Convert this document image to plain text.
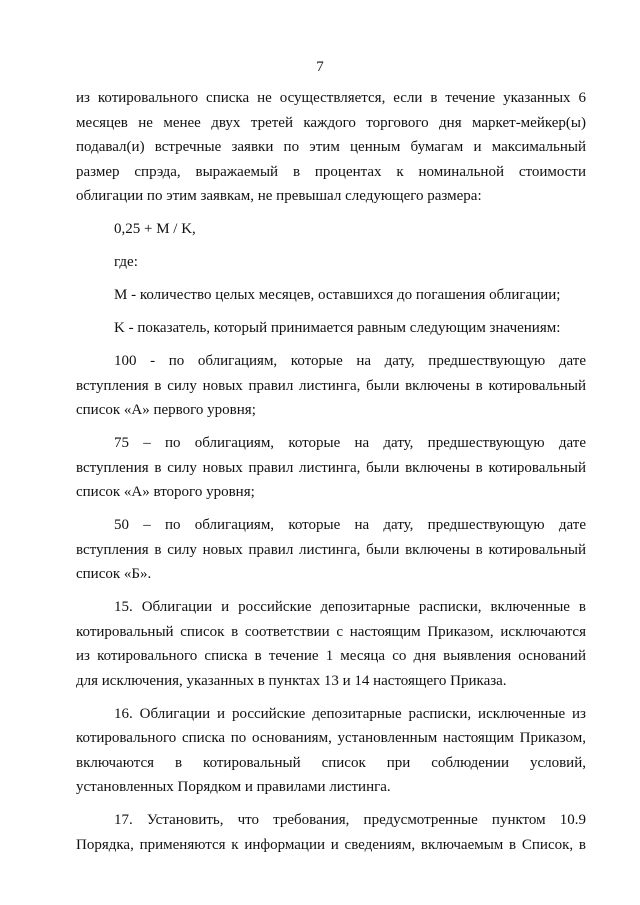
7
из котировального списка не осуществляется, если в течение указанных 6
месяцев не менее двух третей каждого торгового дня маркет-мейкер(ы)
подавал(и) встречные заявки по этим ценным бумагам и максимальный
размер спрэда, выражаемый в процентах к номинальной стоимости
облигации по этим заявкам, не превышал следующего размера:
0,25 + M / K,
где:
M - количество целых месяцев, оставшихся до погашения облигации;
K - показатель, который принимается равным следующим значениям:
100 - по облигациям, которые на дату, предшествующую дате
вступления в силу новых правил листинга, были включены в котировальный
список «А» первого уровня;
75 – по облигациям, которые на дату, предшествующую дате
вступления в силу новых правил листинга, были включены в котировальный
список «А» второго уровня;
50 – по облигациям, которые на дату, предшествующую дате
вступления в силу новых правил листинга, были включены в котировальный
список «Б».
15. Облигации и российские депозитарные расписки, включенные в
котировальный список в соответствии с настоящим Приказом, исключаются
из котировального списка в течение 1 месяца со дня выявления оснований
для исключения, указанных в пунктах 13 и 14 настоящего Приказа.
16. Облигации и российские депозитарные расписки, исключенные из
котировального списка по основаниям, установленным настоящим Приказом,
включаются в котировальный список при соблюдении условий,
установленных Порядком и правилами листинга.
17. Установить, что требования, предусмотренные пунктом 10.9
Порядка, применяются к информации и сведениям, включаемым в Список, в
